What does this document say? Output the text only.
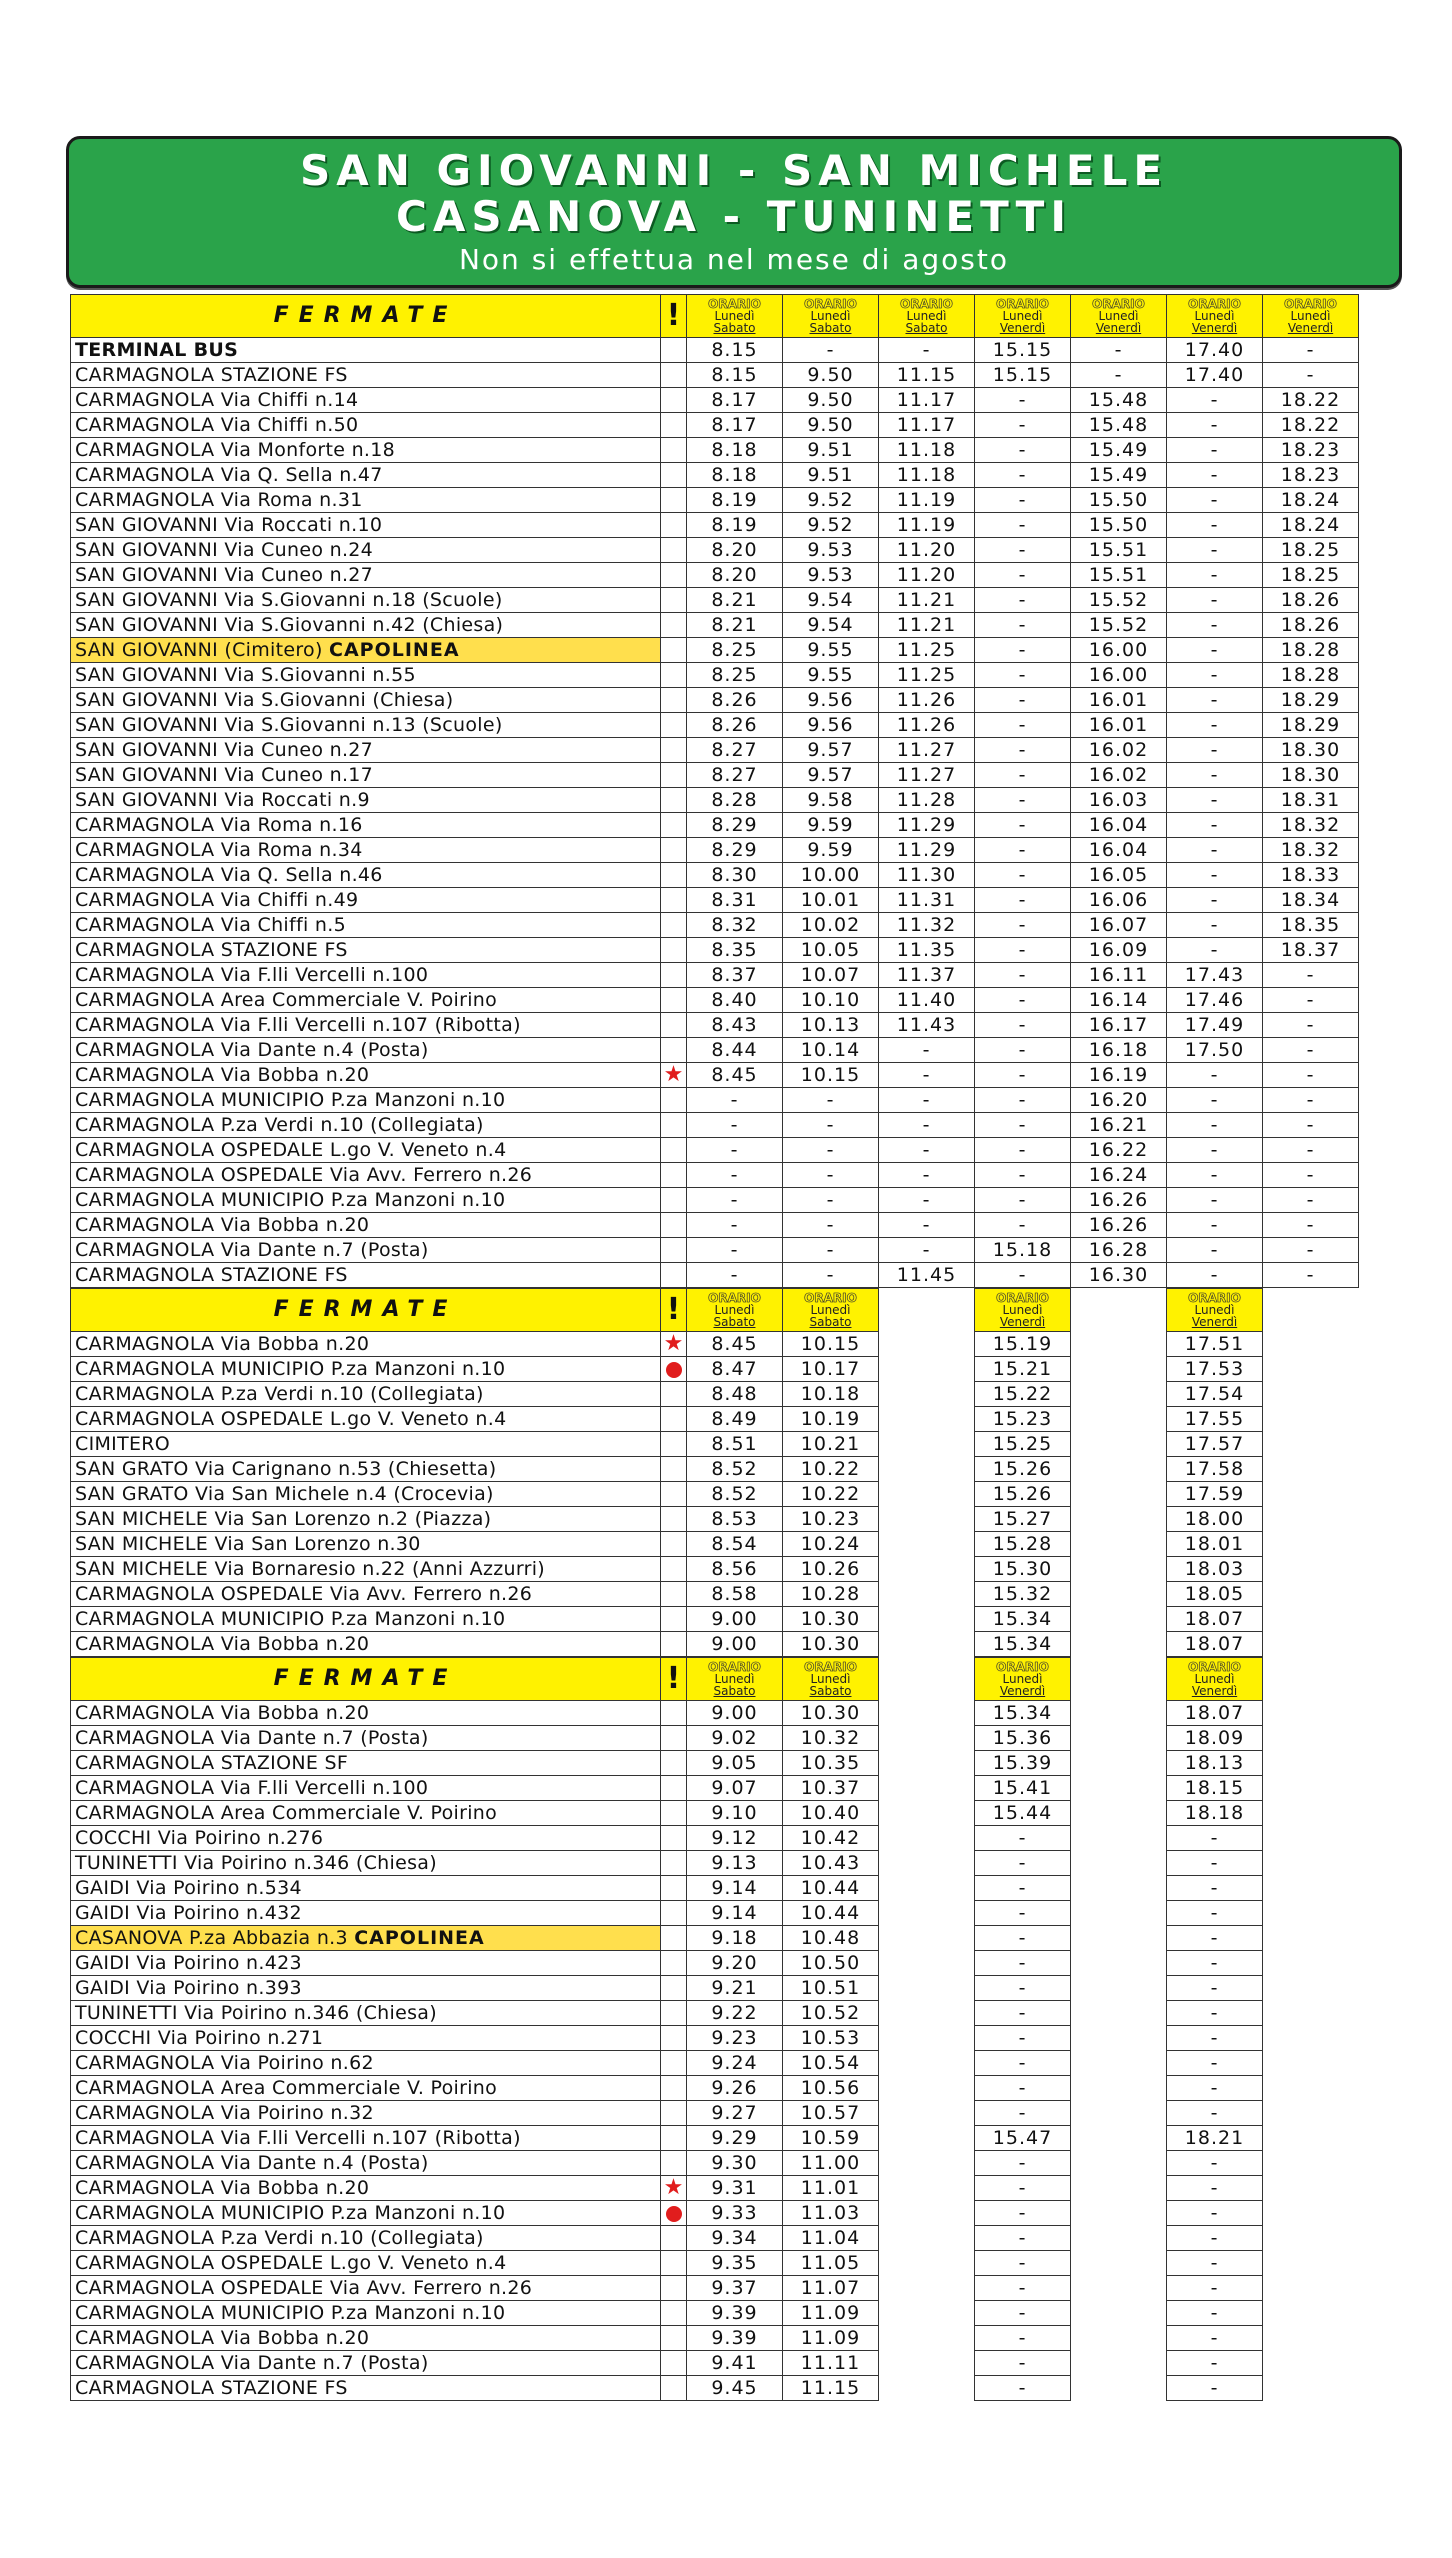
SAN GIOVANNI - SAN MICHELE
CASANOVA - TUNINETTI
Non si effettua nel mese di agosto
FERMATE	!	ORARIO
Lunedì
Sabato	ORARIO
Lunedì
Sabato	ORARIO
Lunedì
Sabato	ORARIO
Lunedì
Venerdì	ORARIO
Lunedì
Venerdì	ORARIO
Lunedì
Venerdì	ORARIO
Lunedì
Venerdì

TERMINAL BUS		8.15	-	-	15.15	-	17.40	-
CARMAGNOLA STAZIONE FS		8.15	9.50	11.15	15.15	-	17.40	-
CARMAGNOLA Via Chiffi n.14		8.17	9.50	11.17	-	15.48	-	18.22
CARMAGNOLA Via Chiffi n.50		8.17	9.50	11.17	-	15.48	-	18.22
CARMAGNOLA Via Monforte n.18		8.18	9.51	11.18	-	15.49	-	18.23
CARMAGNOLA Via Q. Sella n.47		8.18	9.51	11.18	-	15.49	-	18.23
CARMAGNOLA Via Roma n.31		8.19	9.52	11.19	-	15.50	-	18.24
SAN GIOVANNI Via Roccati n.10		8.19	9.52	11.19	-	15.50	-	18.24
SAN GIOVANNI Via Cuneo n.24		8.20	9.53	11.20	-	15.51	-	18.25
SAN GIOVANNI Via Cuneo n.27		8.20	9.53	11.20	-	15.51	-	18.25
SAN GIOVANNI Via S.Giovanni n.18 (Scuole)		8.21	9.54	11.21	-	15.52	-	18.26
SAN GIOVANNI Via S.Giovanni n.42 (Chiesa)		8.21	9.54	11.21	-	15.52	-	18.26
SAN GIOVANNI (Cimitero) CAPOLINEA		8.25	9.55	11.25	-	16.00	-	18.28
SAN GIOVANNI Via S.Giovanni n.55		8.25	9.55	11.25	-	16.00	-	18.28
SAN GIOVANNI Via S.Giovanni (Chiesa)		8.26	9.56	11.26	-	16.01	-	18.29
SAN GIOVANNI Via S.Giovanni n.13 (Scuole)		8.26	9.56	11.26	-	16.01	-	18.29
SAN GIOVANNI Via Cuneo n.27		8.27	9.57	11.27	-	16.02	-	18.30
SAN GIOVANNI Via Cuneo n.17		8.27	9.57	11.27	-	16.02	-	18.30
SAN GIOVANNI Via Roccati n.9		8.28	9.58	11.28	-	16.03	-	18.31
CARMAGNOLA Via Roma n.16		8.29	9.59	11.29	-	16.04	-	18.32
CARMAGNOLA Via Roma n.34		8.29	9.59	11.29	-	16.04	-	18.32
CARMAGNOLA Via Q. Sella n.46		8.30	10.00	11.30	-	16.05	-	18.33
CARMAGNOLA Via Chiffi n.49		8.31	10.01	11.31	-	16.06	-	18.34
CARMAGNOLA Via Chiffi n.5		8.32	10.02	11.32	-	16.07	-	18.35
CARMAGNOLA STAZIONE FS		8.35	10.05	11.35	-	16.09	-	18.37
CARMAGNOLA Via F.lli Vercelli n.100		8.37	10.07	11.37	-	16.11	17.43	-
CARMAGNOLA Area Commerciale V. Poirino		8.40	10.10	11.40	-	16.14	17.46	-
CARMAGNOLA Via F.lli Vercelli n.107 (Ribotta)		8.43	10.13	11.43	-	16.17	17.49	-
CARMAGNOLA Via Dante n.4 (Posta)		8.44	10.14	-	-	16.18	17.50	-
CARMAGNOLA Via Bobba n.20	★	8.45	10.15	-	-	16.19	-	-
CARMAGNOLA MUNICIPIO P.za Manzoni n.10		-	-	-	-	16.20	-	-
CARMAGNOLA P.za Verdi n.10 (Collegiata)		-	-	-	-	16.21	-	-
CARMAGNOLA OSPEDALE L.go V. Veneto n.4		-	-	-	-	16.22	-	-
CARMAGNOLA OSPEDALE Via Avv. Ferrero n.26		-	-	-	-	16.24	-	-
CARMAGNOLA MUNICIPIO P.za Manzoni n.10		-	-	-	-	16.26	-	-
CARMAGNOLA Via Bobba n.20		-	-	-	-	16.26	-	-
CARMAGNOLA Via Dante n.7 (Posta)		-	-	-	15.18	16.28	-	-
CARMAGNOLA STAZIONE FS		-	-	11.45	-	16.30	-	-
FERMATE	!	ORARIO
Lunedì
Sabato	ORARIO
Lunedì
Sabato		ORARIO
Lunedì
Venerdì		ORARIO
Lunedì
Venerdì

CARMAGNOLA Via Bobba n.20	★	8.45	10.15		15.19		17.51
CARMAGNOLA MUNICIPIO P.za Manzoni n.10		8.47	10.17		15.21		17.53
CARMAGNOLA P.za Verdi n.10 (Collegiata)		8.48	10.18		15.22		17.54
CARMAGNOLA OSPEDALE L.go V. Veneto n.4		8.49	10.19		15.23		17.55
CIMITERO		8.51	10.21		15.25		17.57
SAN GRATO Via Carignano n.53 (Chiesetta)		8.52	10.22		15.26		17.58
SAN GRATO Via San Michele n.4 (Crocevia)		8.52	10.22		15.26		17.59
SAN MICHELE Via San Lorenzo n.2 (Piazza)		8.53	10.23		15.27		18.00
SAN MICHELE Via San Lorenzo n.30		8.54	10.24		15.28		18.01
SAN MICHELE Via Bornaresio n.22 (Anni Azzurri)		8.56	10.26		15.30		18.03
CARMAGNOLA OSPEDALE Via Avv. Ferrero n.26		8.58	10.28		15.32		18.05
CARMAGNOLA MUNICIPIO P.za Manzoni n.10		9.00	10.30		15.34		18.07
CARMAGNOLA Via Bobba n.20		9.00	10.30		15.34		18.07
FERMATE	!	ORARIO
Lunedì
Sabato	ORARIO
Lunedì
Sabato		ORARIO
Lunedì
Venerdì		ORARIO
Lunedì
Venerdì

CARMAGNOLA Via Bobba n.20		9.00	10.30		15.34		18.07
CARMAGNOLA Via Dante n.7 (Posta)		9.02	10.32		15.36		18.09
CARMAGNOLA STAZIONE SF		9.05	10.35		15.39		18.13
CARMAGNOLA Via F.lli Vercelli n.100		9.07	10.37		15.41		18.15
CARMAGNOLA Area Commerciale V. Poirino		9.10	10.40		15.44		18.18
COCCHI Via Poirino n.276		9.12	10.42		-		-
TUNINETTI Via Poirino n.346 (Chiesa)		9.13	10.43		-		-
GAIDI Via Poirino n.534		9.14	10.44		-		-
GAIDI Via Poirino n.432		9.14	10.44		-		-
CASANOVA P.za Abbazia n.3 CAPOLINEA		9.18	10.48		-		-
GAIDI Via Poirino n.423		9.20	10.50		-		-
GAIDI Via Poirino n.393		9.21	10.51		-		-
TUNINETTI Via Poirino n.346 (Chiesa)		9.22	10.52		-		-
COCCHI Via Poirino n.271		9.23	10.53		-		-
CARMAGNOLA Via Poirino n.62		9.24	10.54		-		-
CARMAGNOLA Area Commerciale V. Poirino		9.26	10.56		-		-
CARMAGNOLA Via Poirino n.32		9.27	10.57		-		-
CARMAGNOLA Via F.lli Vercelli n.107 (Ribotta)		9.29	10.59		15.47		18.21
CARMAGNOLA Via Dante n.4 (Posta)		9.30	11.00		-		-
CARMAGNOLA Via Bobba n.20	★	9.31	11.01		-		-
CARMAGNOLA MUNICIPIO P.za Manzoni n.10		9.33	11.03		-		-
CARMAGNOLA P.za Verdi n.10 (Collegiata)		9.34	11.04		-		-
CARMAGNOLA OSPEDALE L.go V. Veneto n.4		9.35	11.05		-		-
CARMAGNOLA OSPEDALE Via Avv. Ferrero n.26		9.37	11.07		-		-
CARMAGNOLA MUNICIPIO P.za Manzoni n.10		9.39	11.09		-		-
CARMAGNOLA Via Bobba n.20		9.39	11.09		-		-
CARMAGNOLA Via Dante n.7 (Posta)		9.41	11.11		-		-
CARMAGNOLA STAZIONE FS		9.45	11.15		-		-
